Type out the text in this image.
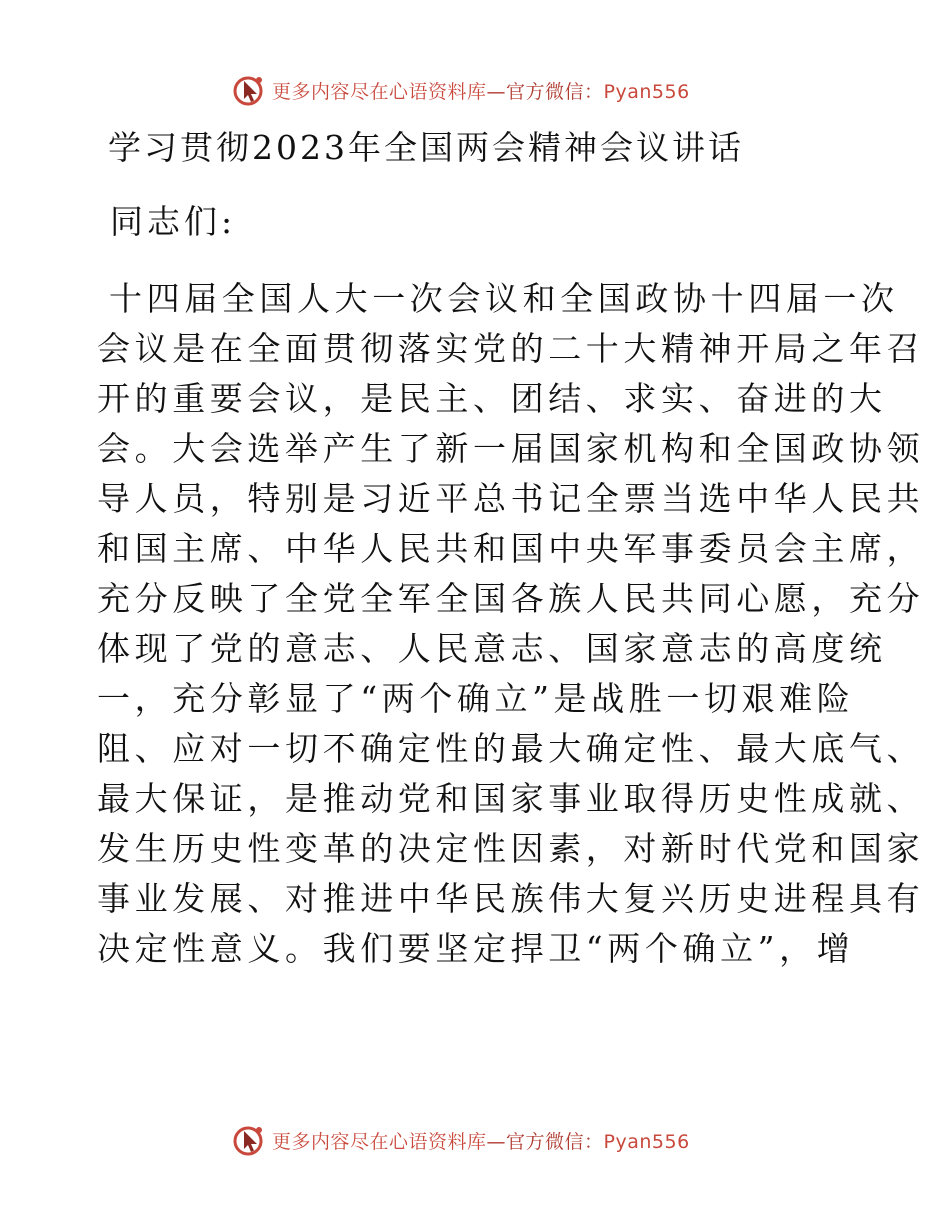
更多内容尽在心语资料库—官方微信：Pyan556
学习贯彻2023年全国两会精神会议讲话

同志们:

十四届全国人大一次会议和全国政协十四届一次
会议是在全面贯彻落实党的二十大精神开局之年召
开的重要会议，是民主、团结、求实、奋进的大
会。大会选举产生了新一届国家机构和全国政协领
导人员，特别是习近平总书记全票当选中华人民共
和国主席、中华人民共和国中央军事委员会主席，
充分反映了全党全军全国各族人民共同心愿，充分
体现了党的意志、人民意志、国家意志的高度统
一，充分彰显了“两个确立”是战胜一切艰难险
阻、应对一切不确定性的最大确定性、最大底气、
最大保证，是推动党和国家事业取得历史性成就、
发生历史性变革的决定性因素，对新时代党和国家
事业发展、对推进中华民族伟大复兴历史进程具有
决定性意义。我们要坚定捍卫“两个确立”，增
更多内容尽在心语资料库—官方微信：Pyan556
